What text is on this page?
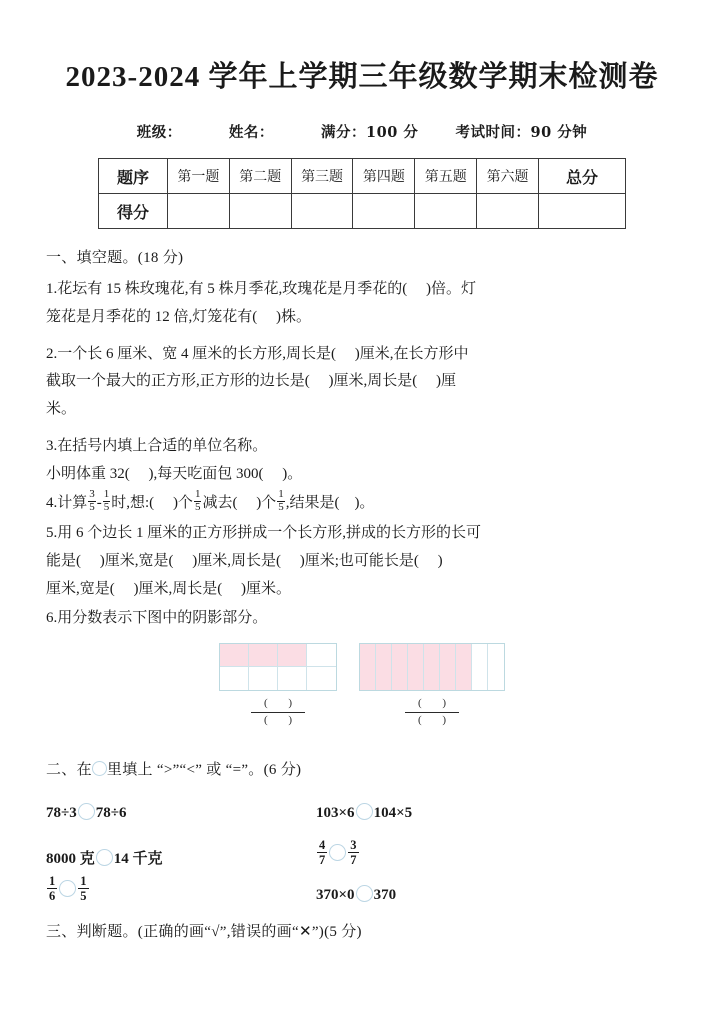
2023-2024 学年上学期三年级数学期末检测卷
班级：	姓名：	满分：100 分	考试时间：90 分钟
题序	第一题	第二题	第三题	第四题	第五题	第六题	总分
得分							
一、填空题。(18 分)
1.花坛有 15 株玫瑰花,有 5 株月季花,玫瑰花是月季花的( )倍。灯
笼花是月季花的 12 倍,灯笼花有( )株。
2.一个长 6 厘米、宽 4 厘米的长方形,周长是( )厘米,在长方形中
截取一个最大的正方形,正方形的边长是( )厘米,周长是( )厘
米。
3.在括号内填上合适的单位名称。
小明体重 32( ),每天吃面包 300( )。
4.计算 $\frac{3}{5} - \frac{1}{5}$ 时,想:( )个 $\frac{1}{5}$ 减去( )个 $\frac{1}{5}$ ,结果是( )。
5.用 6 个边长 1 厘米的正方形拼成一个长方形,拼成的长方形的长可
能是( )厘米,宽是( )厘米,周长是( )厘米;也可能长是( )
厘米,宽是( )厘米,周长是( )厘米。
6.用分数表示下图中的阴影部分。
$\frac{( )}{( )}$	$\frac{( )}{( )}$
二、在 里填上 “>”“<” 或 “=”。(6 分)
78÷3 78÷6	103×6 104×5
8000 克 14 千克	$\frac{4}{7} \frac{3}{7}$
$\frac{1}{6} \frac{1}{5}$	370×0 370
三、判断题。(正确的画“√”,错误的画“✕”)(5 分)
